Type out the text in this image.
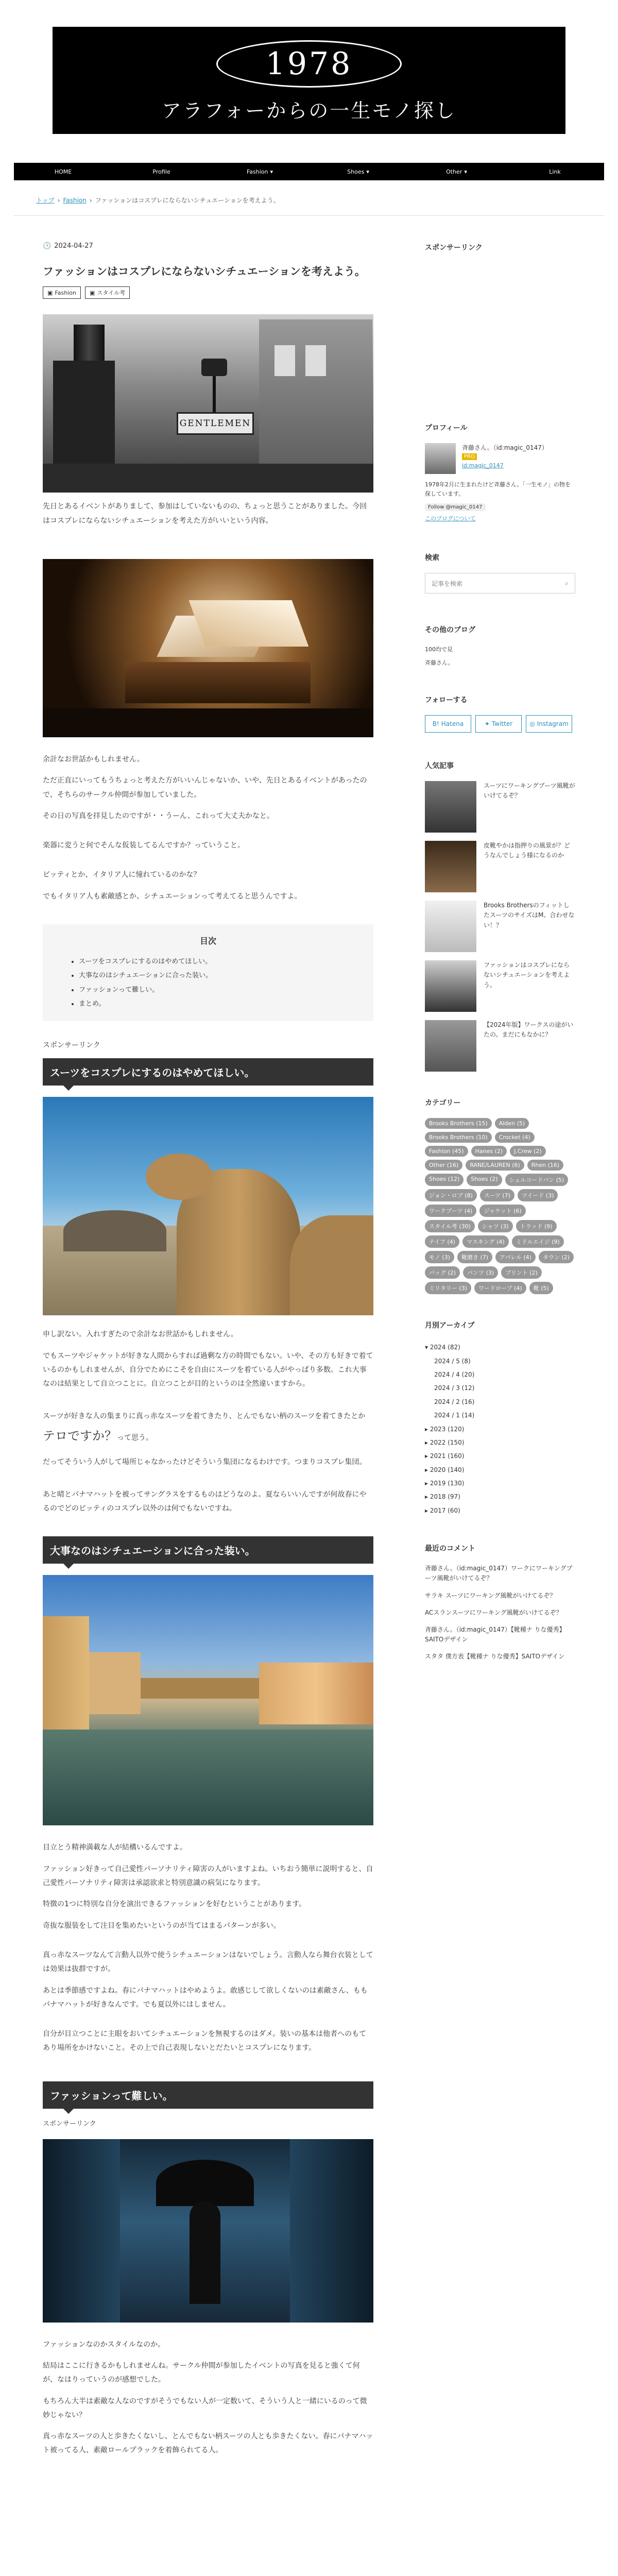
1978
アラフォーからの一生モノ探し
HOME	Profile	Fashion ▾	Shoes ▾	Other ▾	Link
トップ › Fashion › ファッションはコスプレにならないシチュエーションを考えよう。
🕓 2024-04-27
ファッションはコスプレにならないシチュエーションを考えよう。
▣ Fashion ▣ スタイル考
GENTLEMEN

先日とあるイベントがありまして、参加はしていないものの、ちょっと思うことがありました。今回はコスプレにならないシチュエーションを考えた方がいいという内容。

余計なお世話かもしれません。

ただ正直にいってもうちょっと考えた方がいいんじゃないか、いや、先日とあるイベントがあったので、そちらのサークル仲間が参加していました。

その日の写真を拝見したのですが・・うーん、これって大丈夫かなと。

楽器に変うと何でそんな仮装してるんですか？っていうこと。

ビッティとか、イタリア人に憧れているのかな？

でもイタリア人も素敵感とか、シチュエーションって考えてると思うんですよ。

目次
• スーツをコスプレにするのはやめてほしい。
• 大事なのはシチュエーションに合った装い。
• ファッションって難しい。
• まとめ。
スポンサーリンク
スーツをコスプレにするのはやめてほしい。

申し訳ない。入れすぎたので余計なお世話かもしれません。

でもスーツやジャケットが好きな人間からすれば過剰な方の時間でもない。いや、その方も好きで着ているのかもしれませんが、自分でためにこそを自由にスーツを着ている人がやっぱり多数。これ大事なのは結果として自立つことに。自立つことが目的というのは全然違いますから。

スーツが好きな人の集まりに真っ赤なスーツを着てきたり、とんでもない柄のスーツを着てきたとかテロですか？って思う。

だってそういう人がして場所じゃなかったけどそういう集団になるわけです。つまりコスプレ集団。

あと晴とパナマハットを被ってサングラスをするものはどうなのよ。夏ならいいんですが何故春にやるのでどのビッティのコスプレ以外のは何でもないですね。

大事なのはシチュエーションに合った装い。

目立とう精神満載な人が結構いるんですよ。

ファッション好きって自己愛性パーソナリティ障害の人がいますよね。いちおう簡単に説明すると、自己愛性パーソナリティ障害は承認欲求と特別意識の病気になります。

特徴の1つに特別な自分を演出できるファッションを好むということがあります。

奇抜な服装をして注目を集めたいというのが当てはまるパターンが多い。

真っ赤なスーツなんて言動人以外で使うシチュエーションはないでしょう。言動人なら舞台衣装としては効果は抜群ですが。

あとは季節感ですよね。春にパナマハットはやめようよ。敢感じして欲しくないのは素敵さん、ももパナマハットが好きなんです。でも夏以外にはしません。

自分が目立つことに主眼をおいてシチュエーションを無視するのはダメ。装いの基本は他者へのもてあり場所をかけないこと。その上で自己表現しないとだたいとコスプレになります。

ファッションって難しい。
スポンサーリンク

ファッションなのかスタイルなのか。

結局はここに行きるかもしれませんね。サークル仲間が参加したイベントの写真を見ると強くて何が、なはりっていうのが感想でした。

もちろん大半は素敵な人なのですがそうでもない人が一定数いて、そういう人と一緒にいるのって微妙じゃない？

真っ赤なスーツの人と歩きたくないし、とんでもない柄スーツの人とも歩きたくない。春にパナマハット被ってる人、素敵ロールプラックを着飾られてる人。

スポンサーリンク
プロフィール
斉藤さん。（id:magic_0147）
PRO
id:magic_0147
1978年2月に生まれたけど斉藤さん。「一生モノ」の物を探しています。
Follow @magic_0147
このブログについて
検索
記事を検索	⌕
その他のブログ
100均で見
斉藤さん。
フォローする
B! Hatena	✦ Twitter	◎ Instagram
人気記事
スーツにワーキングブーツ風靴がいけてるぞ？
皮靴やかは指押りの風景が？どうなんでしょう様になるのか
Brooks BrothersのフィットしたスーツのサイズはM、合わせない！？
ファッションはコスプレにならないシチュエーションを考えよう。
【2024年版】ワークスの途がいたの。まだにもなかに？
カテゴリー
Brooks Brothers (15)	Alden (5)
Brooks Brothers (10)	Crocket (4)
Fashion (45)	Hanes (2)	J.Crew (2)
Other (16)	RANE/LAUREN (6)	Rhen (16)
Shoes (12)	Shoes (2)	シェルコードバン (5)
ジョン・ロブ (8)	スーツ (7)	ツイード (3)
ワークブーツ (4)	ジャケット (6)
スタイル考 (30)	シャツ (3)	トラッド (9)
ナイフ (4)	マスキング (4)	ミドルエイジ (9)
モノ (3)	靴磨き (7)	アパレル (4)	タウン (2)
バッグ (2)	パンツ (3)	プリント (2)
ミリタリー (3)	ワードローブ (4)	靴 (5)
月別アーカイブ
▾ 2024 (82)
2024 / 5 (8)
2024 / 4 (20)
2024 / 3 (12)
2024 / 2 (16)
2024 / 1 (14)
▸ 2023 (120)
▸ 2022 (150)
▸ 2021 (160)
▸ 2020 (140)
▸ 2019 (130)
▸ 2018 (97)
▸ 2017 (60)
最近のコメント
斉藤さん。（id:magic_0147）ワークにワーキングブーツ風靴がいけてるぞ？
サラキ スーツにワーキング風靴がいけてるぞ？
ACスランスーツにワーキング風靴がいけてるぞ？
斉藤さん。（id:magic_0147）【靴種ナ りな優秀】SAITOデザイン
スタタ 僕方表【靴種ナ りな優秀】SAITOデザイン
